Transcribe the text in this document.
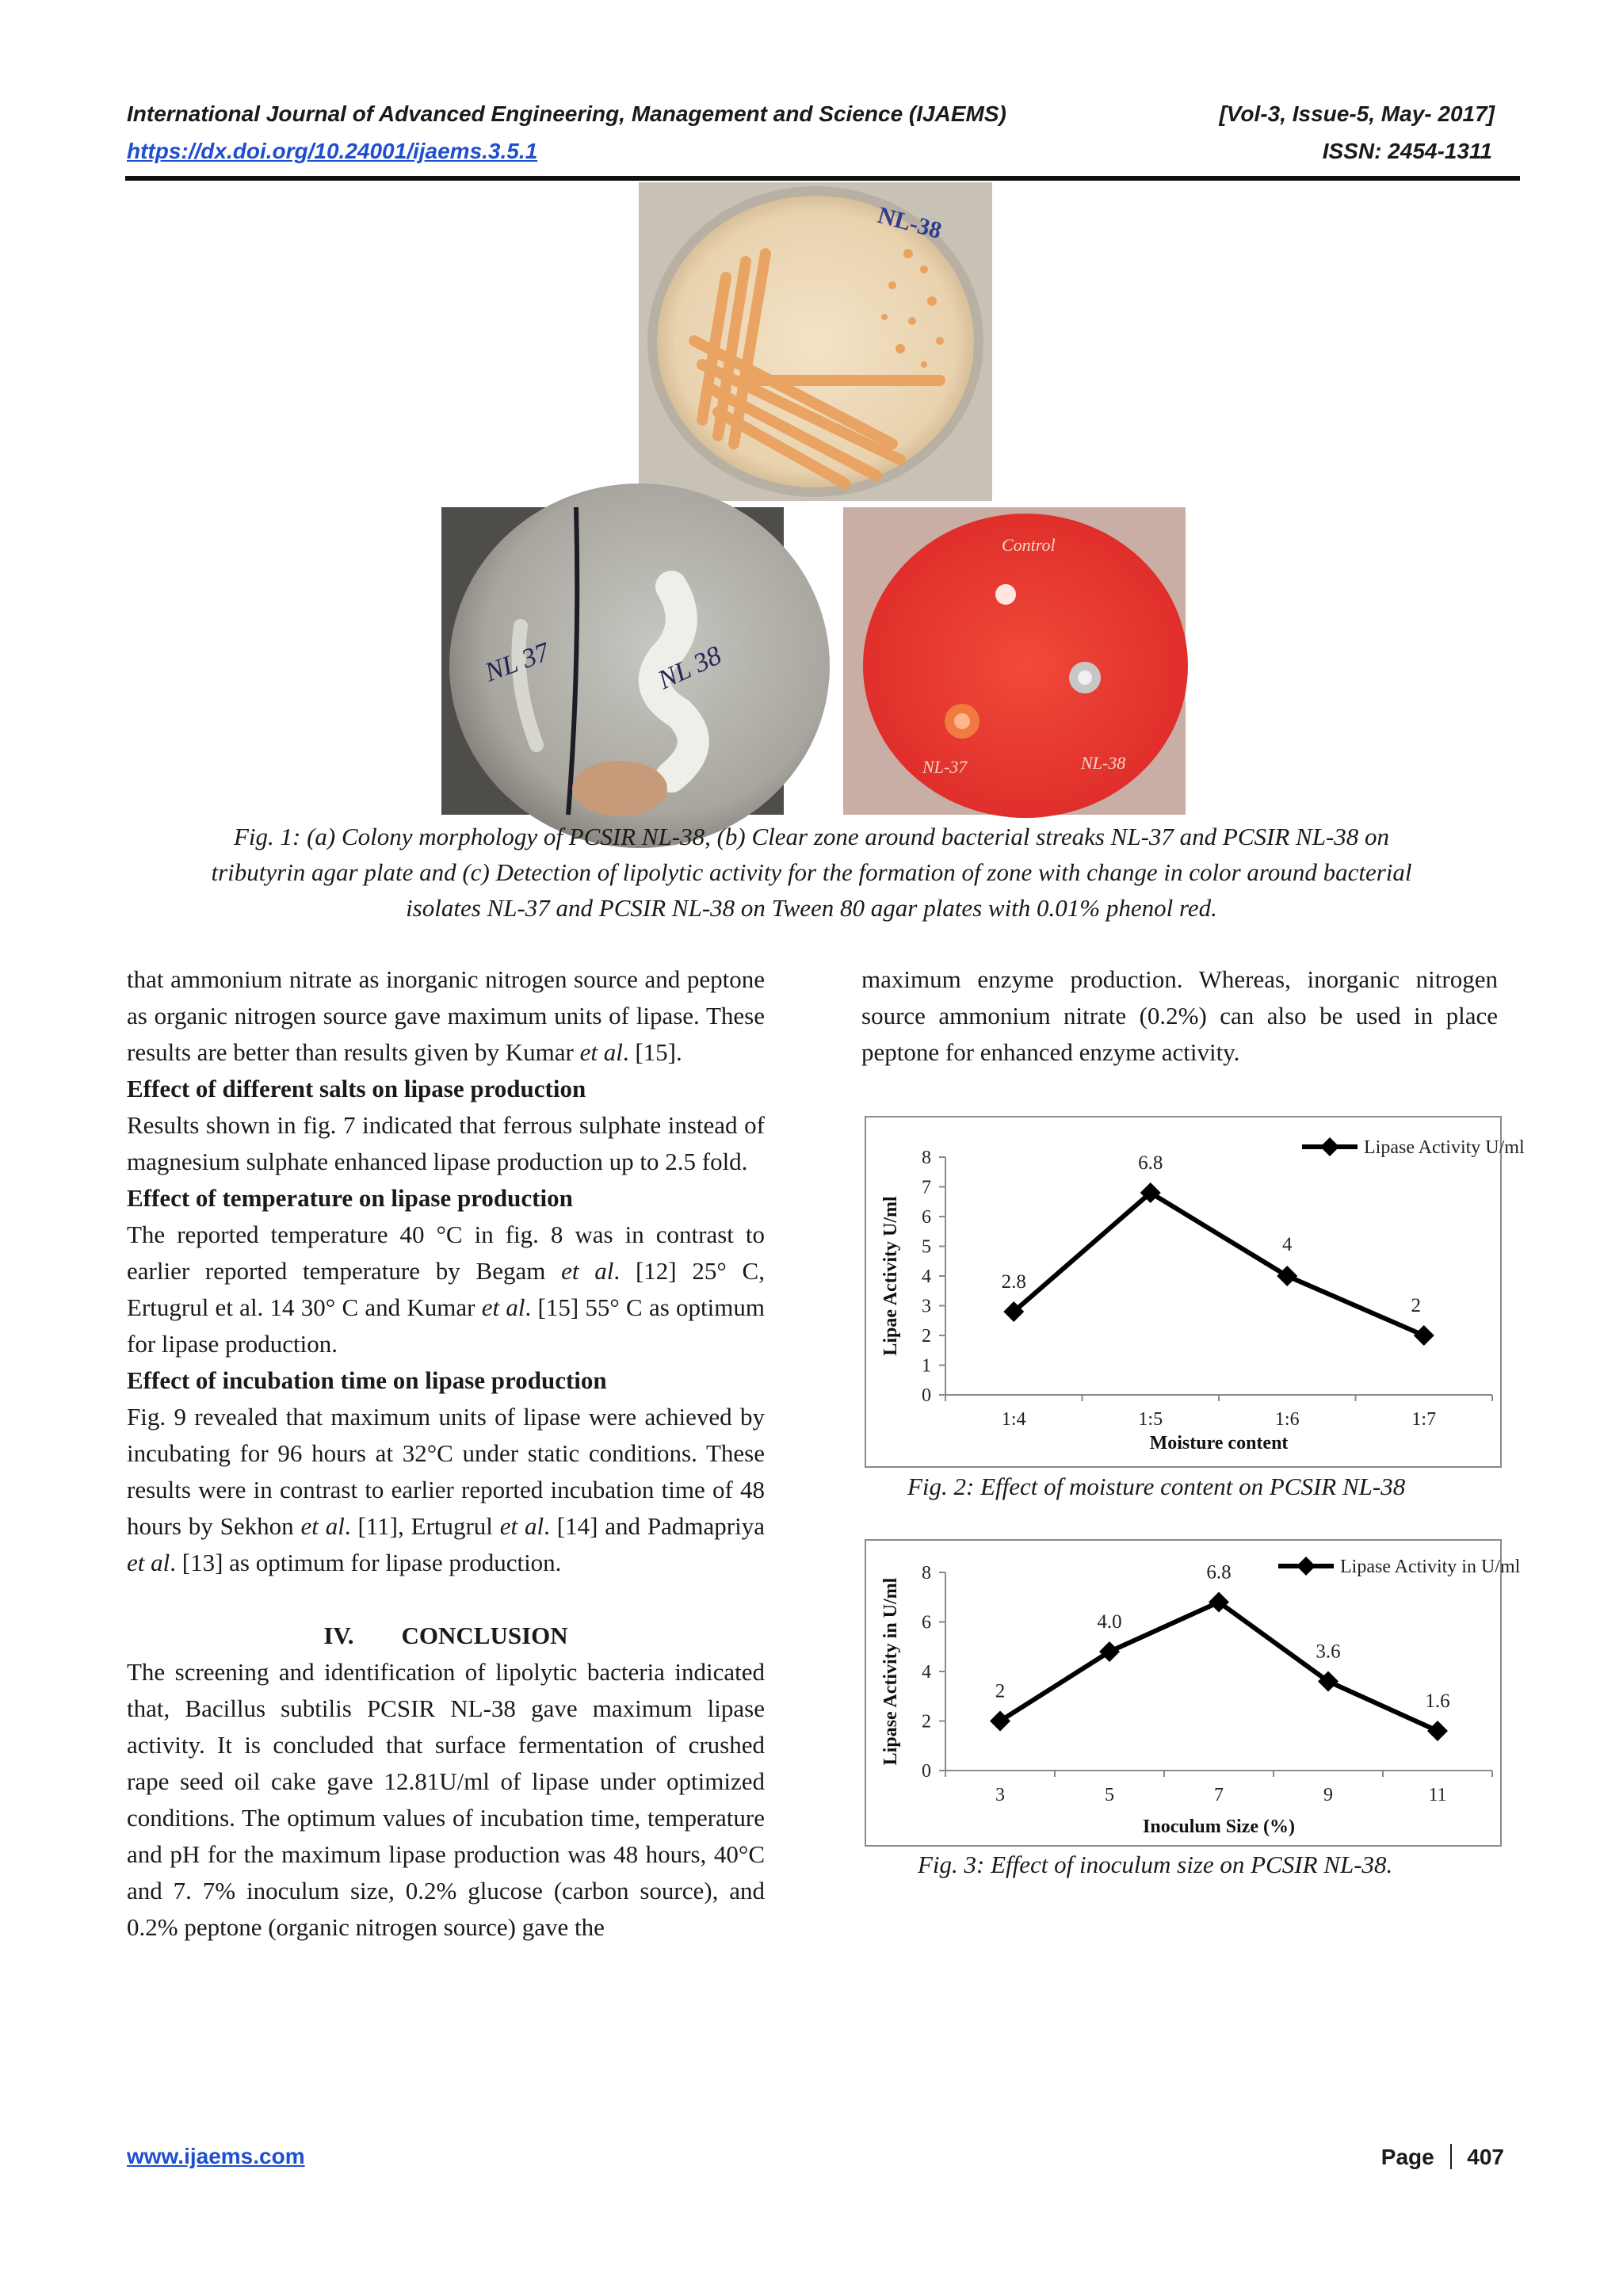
International Journal of Advanced Engineering, Management and Science (IJAEMS)	[Vol-3, Issue-5, May- 2017]
https://dx.doi.org/10.24001/ijaems.3.5.1	ISSN: 2454-1311
NL-38
NL 37	NL 38
Control
NL-37	NL-38
Fig. 1: (a) Colony morphology of PCSIR NL-38, (b) Clear zone around bacterial streaks NL-37 and PCSIR NL-38 on
tributyrin agar plate and (c) Detection of lipolytic activity for the formation of zone with change in color around bacterial
isolates NL-37 and PCSIR NL-38 on Tween 80 agar plates with 0.01% phenol red.

that ammonium nitrate as inorganic nitrogen source and peptone as organic nitrogen source gave maximum units of lipase. These results are better than results given by Kumar et al. [15].

Effect of different salts on lipase production

Results shown in fig. 7 indicated that ferrous sulphate instead of magnesium sulphate enhanced lipase production up to 2.5 fold.

Effect of temperature on lipase production

The reported temperature 40 °C in fig. 8 was in contrast to earlier reported temperature by Begam et al. [12] 25° C, Ertugrul et al. 14 30° C and Kumar et al. [15] 55° C as optimum for lipase production.

Effect of incubation time on lipase production

Fig. 9 revealed that maximum units of lipase were achieved by incubating for 96 hours at 32°C under static conditions. These results were in contrast to earlier reported incubation time of 48 hours by Sekhon et al. [11], Ertugrul et al. [14] and Padmapriya et al. [13] as optimum for lipase production.

IV. CONCLUSION

The screening and identification of lipolytic bacteria indicated that, Bacillus subtilis PCSIR NL-38 gave maximum lipase activity. It is concluded that surface fermentation of crushed rape seed oil cake gave 12.81U/ml of lipase under optimized conditions. The optimum values of incubation time, temperature and pH for the maximum lipase production was 48 hours, 40°C and 7. 7% inoculum size, 0.2% glucose (carbon source), and 0.2% peptone (organic nitrogen source) gave the

maximum enzyme production. Whereas, inorganic nitrogen source ammonium nitrate (0.2%) can also be used in place peptone for enhanced enzyme activity.

Moisture content
Lipae Activity U/ml
0
1
2
3
4
5
6
7
8
1:4	1:5	1:6	1:7
2.8
6.8
4
2
Lipase Activity U/ml
Fig. 2: Effect of moisture content on PCSIR NL-38
Inoculum Size (%)
Lipase Activity in U/ml
0
2
4
6
8
3	5	7	9	11
2
4.0
6.8
3.6
1.6
Lipase Activity in U/ml
Fig. 3: Effect of inoculum size on PCSIR NL-38.
www.ijaems.com	Page 407
